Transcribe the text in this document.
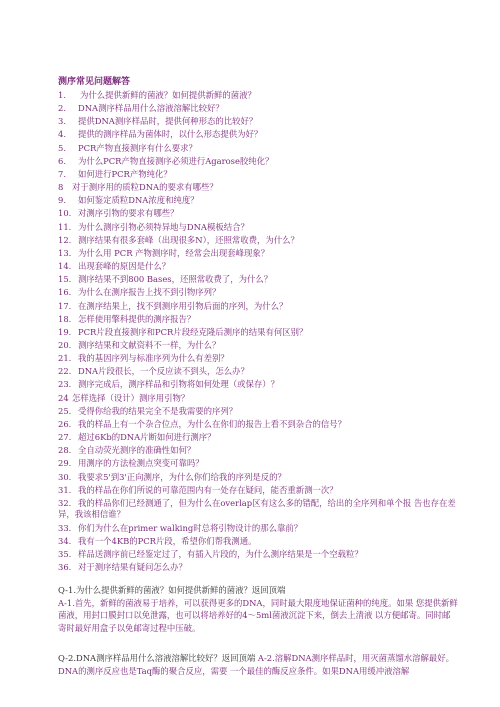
测序常见问题解答
1. 为什么提供新鲜的菌液？如何提供新鲜的菌液？
2. DNA测序样品用什么溶液溶解比较好？
3. 提供DNA测序样品时，提供何种形态的比较好？
4. 提供的测序样品为菌体时，以什么形态提供为好？
5. PCR产物直接测序有什么要求？
6. 为什么PCR产物直接测序必须进行Agarose胶纯化？
7. 如何进行PCR产物纯化？
8 对于测序用的质粒DNA的要求有哪些？
9. 如何鉴定质粒DNA浓度和纯度？
10. 对测序引物的要求有哪些？
11. 为什么测序引物必须特异地与DNA模板结合？
12. 测序结果有很多套峰（出现很多N），还照常收费，为什么？
13. 为什么用 PCR 产物测序时，经常会出现套峰现象？
14. 出现套峰的原因是什么？
15. 测序结果不到800 Bases，还照常收费了，为什么？
16. 为什么在测序报告上找不到引物序列？
17. 在测序结果上，找不到测序用引物后面的序列，为什么？
18. 怎样使用擎科提供的测序报告？
19. PCR片段直接测序和PCR片段经克隆后测序的结果有何区别？
20. 测序结果和文献资料不一样，为什么？
21. 我的基因序列与标准序列为什么有差别？
22. DNA片段很长，一个反应读不到头，怎么办？
23. 测序完成后，测序样品和引物将如何处理（或保存）？
24 怎样选择（设计）测序用引物？
25. 受得你给我的结果完全不是我需要的序列？
26. 我的样品上有一个杂合位点，为什么在你们的报告上看不到杂合的信号？
27. 超过6Kb的DNA片断如何进行测序？
28. 全自动荧光测序的准确性如何？
29. 用测序的方法检测点突变可靠吗？
30. 我要求5'到3'正向测序，为什么你们给我的序列是反的？
31. 我的样品在你们所说的可靠范围内有一处存在疑问，能否重新测一次？
32. 我的样品你们已经测通了，但为什么在overlap区有这么多的错配，给出的全序列和单个报 告也存在差异，我该相信谁？
33. 你们为什么在primer walking时总将引物设计的那么靠前？
34. 我有一个4KB的PCR片段，希望你们帮我测通。
35. 样品送测序前已经鉴定过了，有插入片段的，为什么测序结果是一个空载粒？
36. 对于测序结果有疑问怎么办？
Q-1.为什么提供新鲜的菌液？如何提供新鲜的菌液？返回顶端
A-1.首先，新鲜的菌液易于培养，可以获得更多的DNA，同时最大限度地保证菌种的纯度。如果 您提供新鲜菌液，用封口膜封口以免泄露，也可以将培养好的4～5ml菌液沉淀下来，倒去上清液 以方便邮寄。同时邮寄时最好用盒子以免邮寄过程中压破。
Q-2.DNA测序样品用什么溶液溶解比较好？返回顶端 A-2.溶解DNA测序样品时，用灭菌蒸馏水溶解最好。DNA的测序反应也是Taq酶的聚合反应，需要 一个最佳的酶反应条件。如果DNA用缓冲液溶解
